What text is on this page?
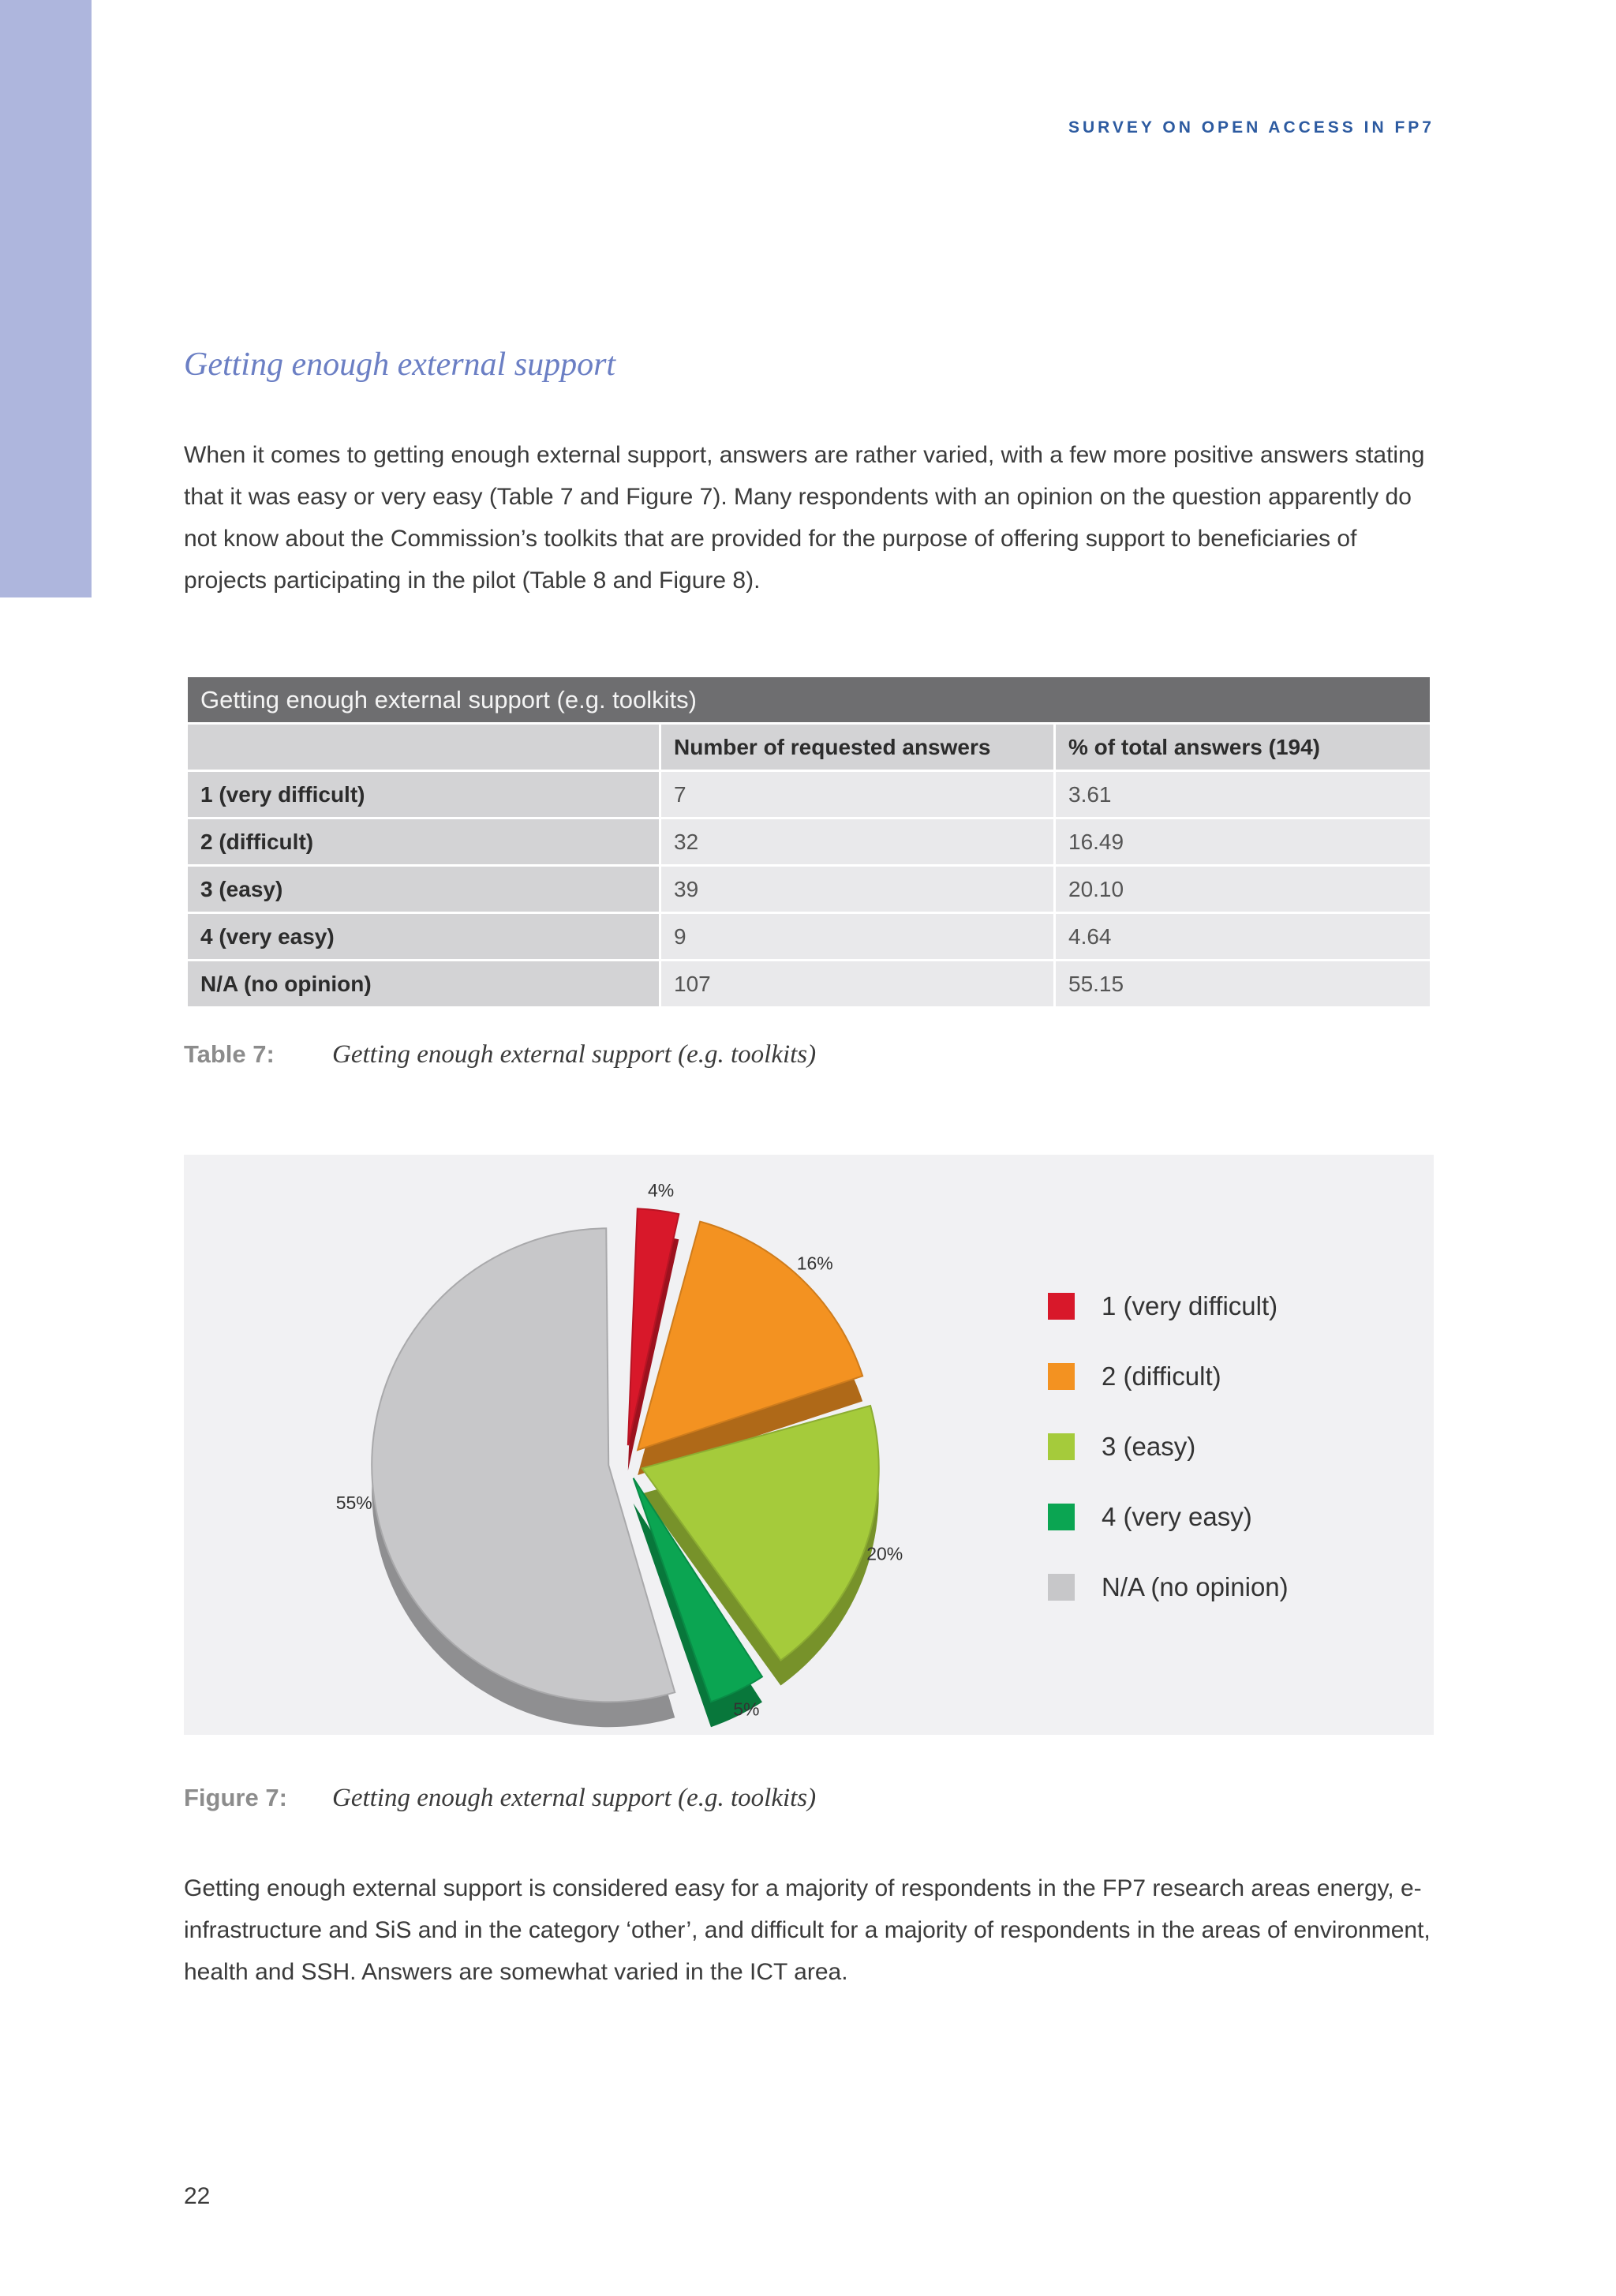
SURVEY ON OPEN ACCESS IN FP7
Getting enough external support
When it comes to getting enough external support, answers are rather varied, with a few more positive answers stating that it was easy or very easy (Table 7 and Figure 7). Many respondents with an opinion on the question apparently do not know about the Commission’s toolkits that are provided for the purpose of offering support to beneficiaries of projects participating in the pilot (Table 8 and Figure 8).
Getting enough external support (e.g. toolkits)		
	Number of requested answers	% of total answers (194)
1 (very difficult)	7	3.61
2 (difficult)	32	16.49
3 (easy)	39	20.10
4 (very easy)	9	4.64
N/A (no opinion)	107	55.15
Table 7: Getting enough external support (e.g. toolkits)
4%
16%
20%
5%
55%
1 (very difficult)
2 (difficult)
3 (easy)
4 (very easy)
N/A (no opinion)
Figure 7: Getting enough external support (e.g. toolkits)
Getting enough external support is considered easy for a majority of respondents in the FP7 research areas energy, e-infrastructure and SiS and in the category ‘other’, and difficult for a majority of respondents in the areas of environment, health and SSH. Answers are somewhat varied in the ICT area.
22
